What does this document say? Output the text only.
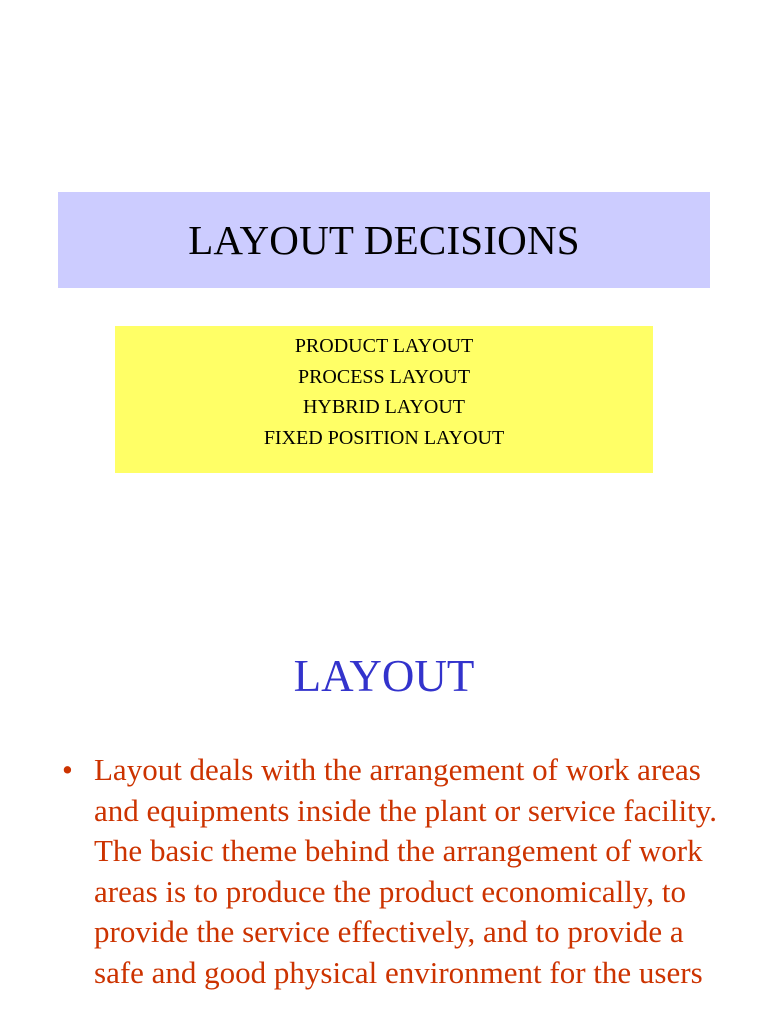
LAYOUT DECISIONS
PRODUCT LAYOUT
PROCESS LAYOUT
HYBRID LAYOUT
FIXED POSITION LAYOUT
LAYOUT
• Layout deals with the arrangement of work areas and equipments inside the plant or service facility. The basic theme behind the arrangement of work areas is to produce the product economically, to provide the service effectively, and to provide a safe and good physical environment for the users
